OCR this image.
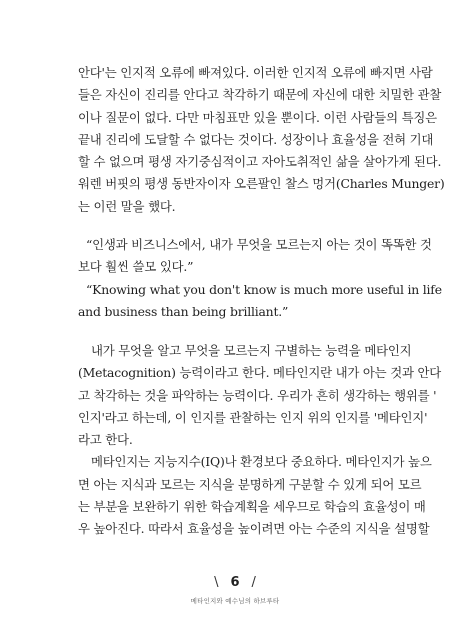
안다'는 인지적 오류에 빠져있다. 이러한 인지적 오류에 빠지면 사람
들은 자신이 진리를 안다고 착각하기 때문에 자신에 대한 치밀한 관찰
이나 질문이 없다. 다만 마침표만 있을 뿐이다. 이런 사람들의 특징은
끝내 진리에 도달할 수 없다는 것이다. 성장이나 효율성을 전혀 기대
할 수 없으며 평생 자기중심적이고 자아도취적인 삶을 살아가게 된다.
워렌 버핏의 평생 동반자이자 오른팔인 찰스 멍거(Charles Munger)
는 이런 말을 했다.
“인생과 비즈니스에서, 내가 무엇을 모르는지 아는 것이 똑똑한 것
보다 훨씬 쓸모 있다.”
“Knowing what you don't know is much more useful in life
and business than being brilliant.”
내가 무엇을 알고 무엇을 모르는지 구별하는 능력을 메타인지
(Metacognition) 능력이라고 한다. 메타인지란 내가 아는 것과 안다
고 착각하는 것을 파악하는 능력이다. 우리가 흔히 생각하는 행위를 '
인지'라고 하는데, 이 인지를 관찰하는 인지 위의 인지를 '메타인지'
라고 한다.
메타인지는 지능지수(IQ)나 환경보다 중요하다. 메타인지가 높으
면 아는 지식과 모르는 지식을 분명하게 구분할 수 있게 되어 모르
는 부분을 보완하기 위한 학습계획을 세우므로 학습의 효율성이 매
우 높아진다. 따라서 효율성을 높이려면 아는 수준의 지식을 설명할
\ 6 /
메타인지와 예수님의 하브루타
